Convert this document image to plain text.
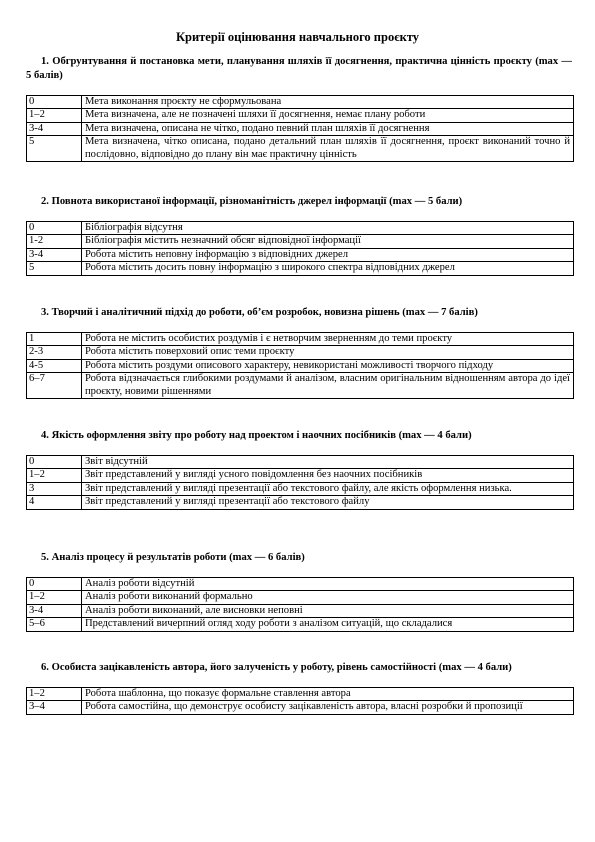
Критерії оцінювання навчального проєкту
1. Обгрунтування й постановка мети, планування шляхів її досягнення, практична цінність проєкту (max — 5 балів)
0	Мета виконання проєкту не сформульована
1–2	Мета визначена, але не позначені шляхи її досягнення, немає плану роботи
3-4	Мета визначена, описана не чітко, подано певний план шляхів її досягнення
5	Мета визначена, чітко описана, подано детальний план шляхів її досягнення, проєкт виконаний точно й послідовно, відповідно до плану він має практичну цінність
2. Повнота використаної інформації, різноманітність джерел інформації (max — 5 бали)
0	Бібліографія відсутня
1-2	Бібліографія містить незначний обсяг відповідної інформації
3-4	Робота містить неповну інформацію з відповідних джерел
5	Робота містить досить повну інформацію з широкого спектра відповідних джерел
3. Творчий і аналітичний підхід до роботи, об’єм розробок, новизна рішень (max — 7 балів)
1	Робота не містить особистих роздумів і є нетворчим зверненням до теми проєкту
2-3	Робота містить поверховий опис теми проєкту
4-5	Робота містить роздуми описового характеру, невикористані можливості творчого підходу
6–7	Робота відзначається глибокими роздумами й аналізом, власним оригінальним відношенням автора до ідеї проєкту, новими рішеннями
4. Якість оформлення звіту про роботу над проектом і наочних посібників (max — 4 бали)
0	Звіт відсутній
1–2	Звіт представлений у вигляді усного повідомлення без наочних посібників
3	Звіт представлений у вигляді презентації або текстового файлу, але якість оформлення низька.
4	Звіт представлений у вигляді презентації або текстового файлу
5. Аналіз процесу й результатів роботи (max — 6 балів)
0	Аналіз роботи відсутній
1–2	Аналіз роботи виконаний формально
3-4	Аналіз роботи виконаний, але висновки неповні
5–6	Представлений вичерпний огляд ходу роботи з аналізом ситуацій, що складалися
6. Особиста зацікавленість автора, його залученість у роботу, рівень самостійності (max — 4 бали)
1–2	Робота шаблонна, що показує формальне ставлення автора
3–4	Робота самостійна, що демонструє особисту зацікавленість автора, власні розробки й пропозиції
